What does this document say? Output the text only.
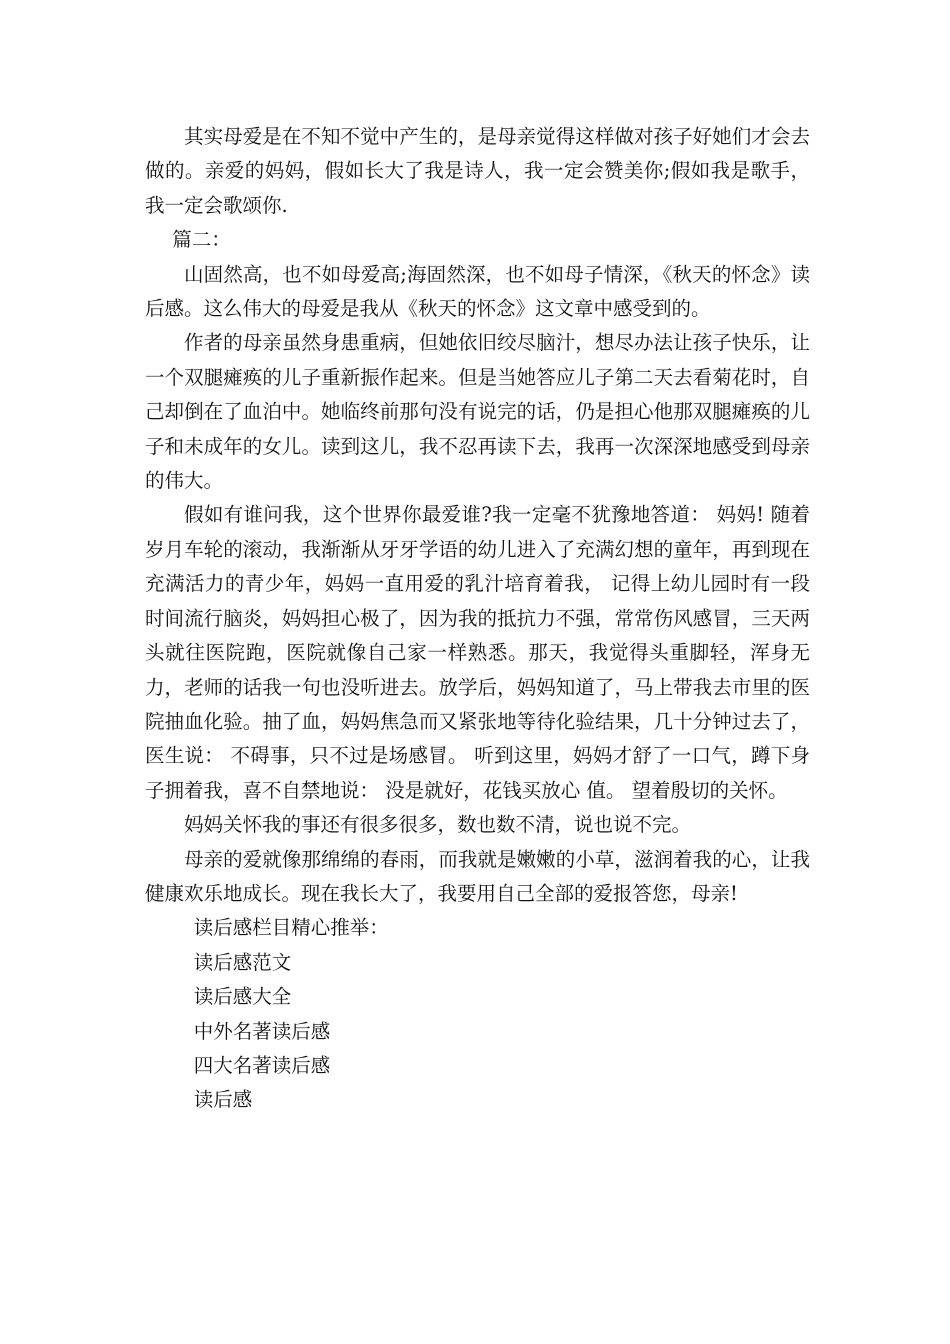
其实母爱是在不知不觉中产生的，是母亲觉得这样做对孩子好她们才会去做的。亲爱的妈妈，假如长大了我是诗人，我一定会赞美你;假如我是歌手，我一定会歌颂你.

篇二：

山固然高，也不如母爱高;海固然深，也不如母子情深，《秋天的怀念》读后感。这么伟大的母爱是我从《秋天的怀念》这文章中感受到的。

作者的母亲虽然身患重病，但她依旧绞尽脑汁，想尽办法让孩子快乐，让一个双腿瘫痪的儿子重新振作起来。但是当她答应儿子第二天去看菊花时，自己却倒在了血泊中。她临终前那句没有说完的话，仍是担心他那双腿瘫痪的儿子和未成年的女儿。读到这儿，我不忍再读下去，我再一次深深地感受到母亲的伟大。

假如有谁问我，这个世界你最爱谁?我一定毫不犹豫地答道： 妈妈! 随着岁月车轮的滚动，我渐渐从牙牙学语的幼儿进入了充满幻想的童年，再到现在充满活力的青少年，妈妈一直用爱的乳汁培育着我， 记得上幼儿园时有一段时间流行脑炎，妈妈担心极了，因为我的抵抗力不强，常常伤风感冒，三天两头就往医院跑，医院就像自己家一样熟悉。那天，我觉得头重脚轻，浑身无力，老师的话我一句也没听进去。放学后，妈妈知道了，马上带我去市里的医院抽血化验。抽了血，妈妈焦急而又紧张地等待化验结果，几十分钟过去了，医生说： 不碍事，只不过是场感冒。 听到这里，妈妈才舒了一口气，蹲下身子拥着我，喜不自禁地说： 没是就好，花钱买放心 值。 望着殷切的关怀。

妈妈关怀我的事还有很多很多，数也数不清，说也说不完。

母亲的爱就像那绵绵的春雨，而我就是嫩嫩的小草，滋润着我的心，让我健康欢乐地成长。现在我长大了，我要用自己全部的爱报答您，母亲!

读后感栏目精心推举：

读后感范文
读后感大全
中外名著读后感
四大名著读后感
读后感
